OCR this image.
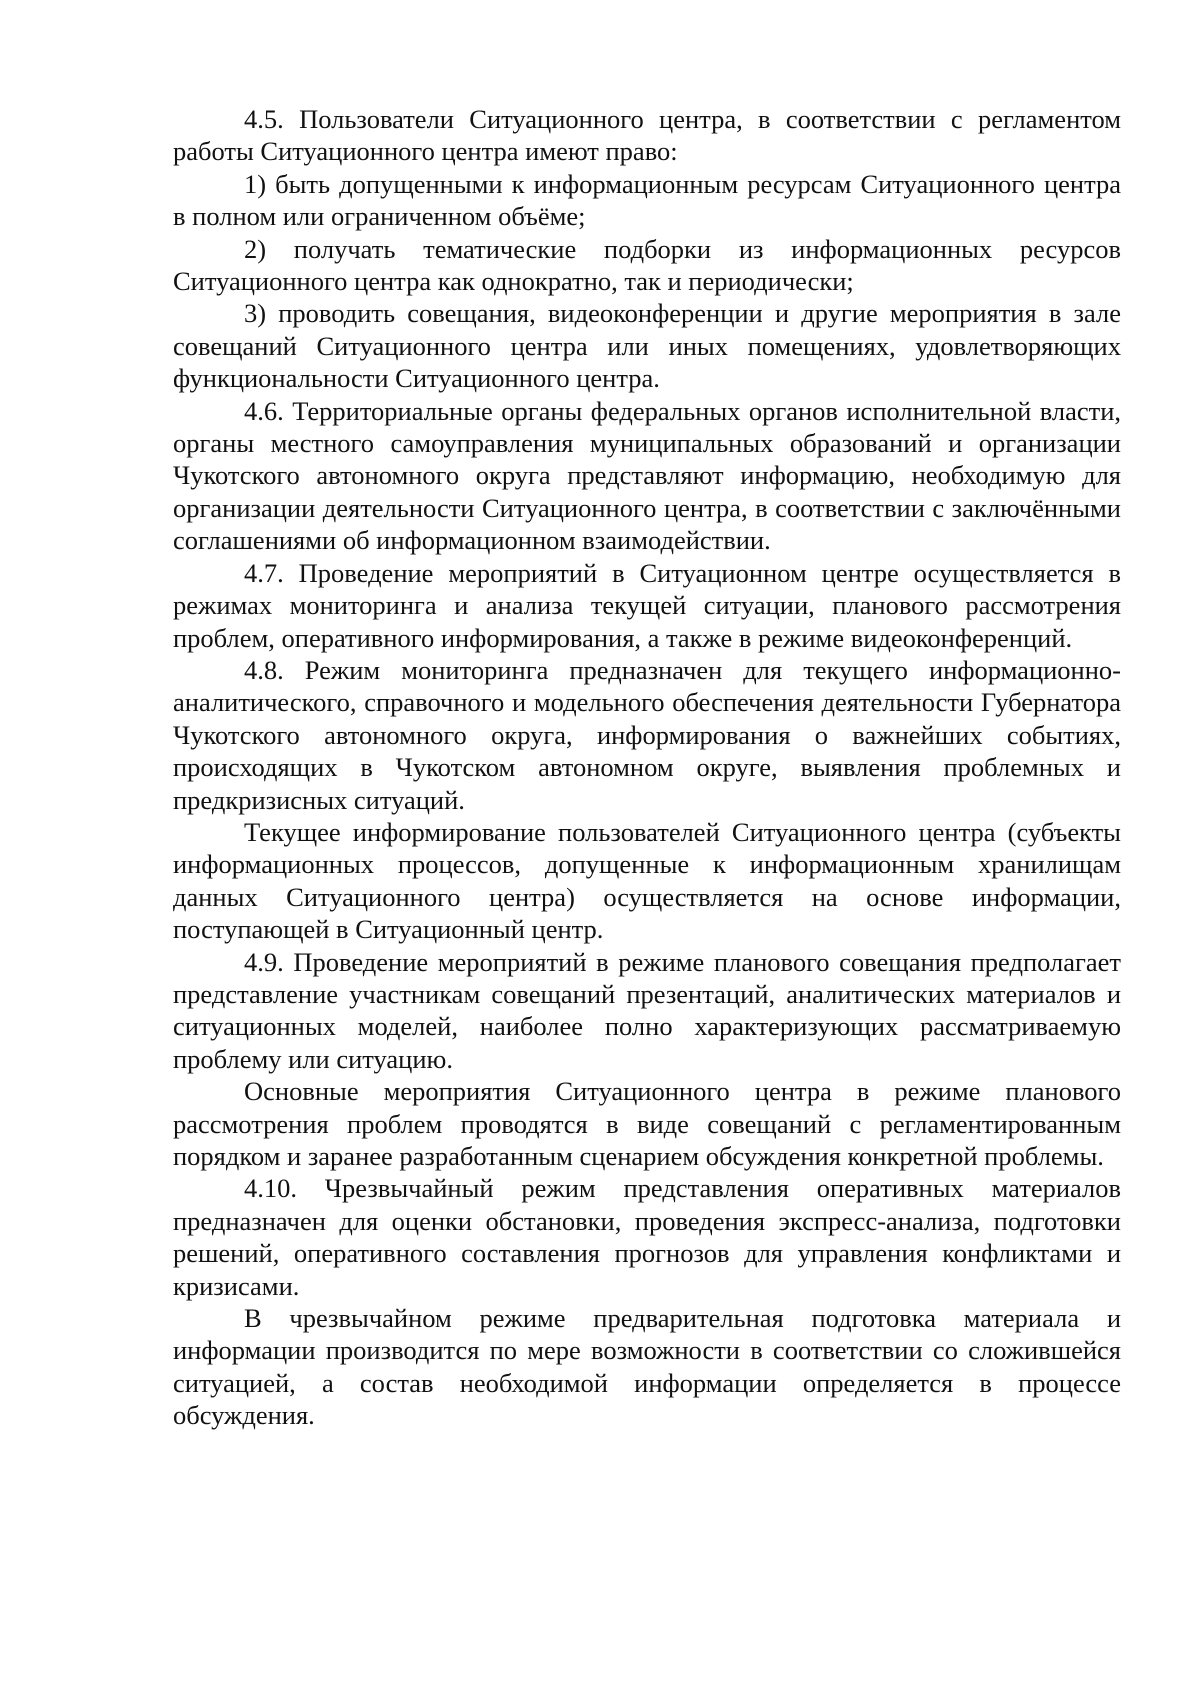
4.5. Пользователи Ситуационного центра, в соответствии с регламентом работы Ситуационного центра имеют право:

1) быть допущенными к информационным ресурсам Ситуационного центра в полном или ограниченном объёме;

2) получать тематические подборки из информационных ресурсов Ситуационного центра как однократно, так и периодически;

3) проводить совещания, видеоконференции и другие мероприятия в зале совещаний Ситуационного центра или иных помещениях, удовлетворяющих функциональности Ситуационного центра.

4.6. Территориальные органы федеральных органов исполнительной власти, органы местного самоуправления муниципальных образований и организации Чукотского автономного округа представляют информацию, необходимую для организации деятельности Ситуационного центра, в соответствии с заключёнными соглашениями об информационном взаимодействии.

4.7. Проведение мероприятий в Ситуационном центре осуществляется в режимах мониторинга и анализа текущей ситуации, планового рассмотрения проблем, оперативного информирования, а также в режиме видеоконференций.

4.8. Режим мониторинга предназначен для текущего информационно-аналитического, справочного и модельного обеспечения деятельности Губернатора Чукотского автономного округа, информирования о важнейших событиях, происходящих в Чукотском автономном округе, выявления проблемных и предкризисных ситуаций.

Текущее информирование пользователей Ситуационного центра (субъекты информационных процессов, допущенные к информационным хранилищам данных Ситуационного центра) осуществляется на основе информации, поступающей в Ситуационный центр.

4.9. Проведение мероприятий в режиме планового совещания предполагает представление участникам совещаний презентаций, аналитических материалов и ситуационных моделей, наиболее полно характеризующих рассматриваемую проблему или ситуацию.

Основные мероприятия Ситуационного центра в режиме планового рассмотрения проблем проводятся в виде совещаний с регламентированным порядком и заранее разработанным сценарием обсуждения конкретной проблемы.

4.10. Чрезвычайный режим представления оперативных материалов предназначен для оценки обстановки, проведения экспресс-анализа, подготовки решений, оперативного составления прогнозов для управления конфликтами и кризисами.

В чрезвычайном режиме предварительная подготовка материала и информации производится по мере возможности в соответствии со сложившейся ситуацией, а состав необходимой информации определяется в процессе обсуждения.
